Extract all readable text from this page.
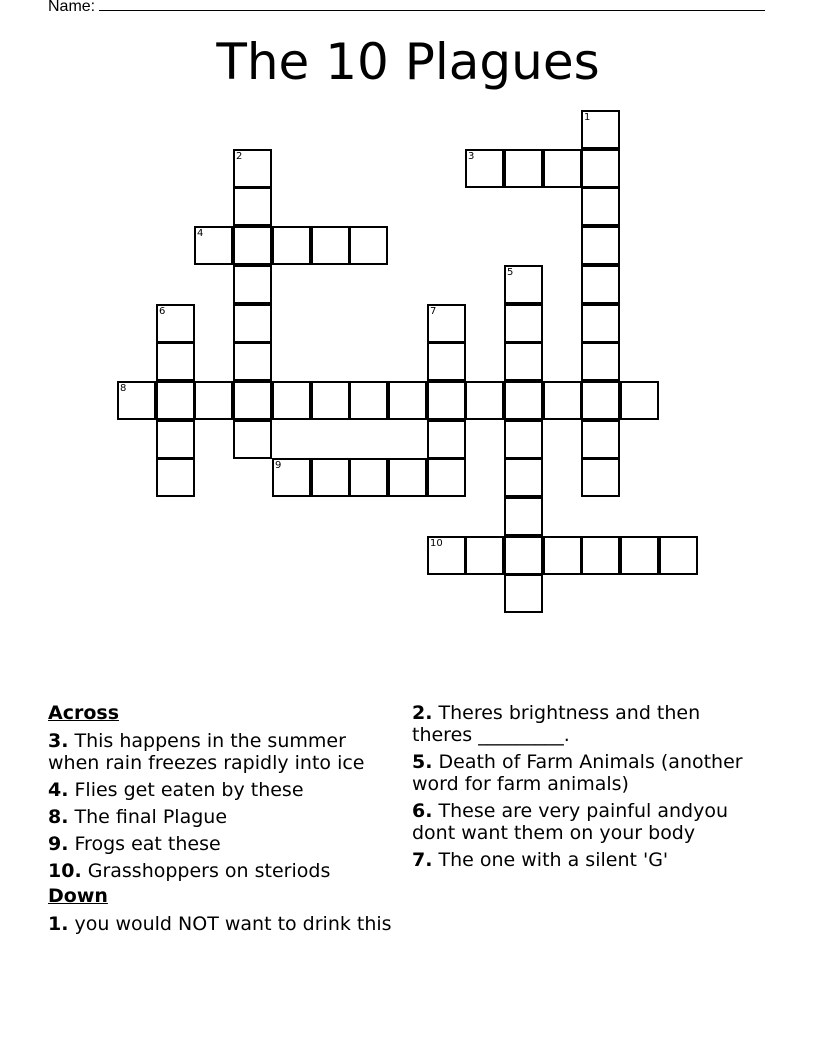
Name:
The 10 Plagues
3
4
8
9
10
1
2
5
6	7
Across
3. This happens in the summer when rain freezes rapidly into ice
4. Flies get eaten by these
8. The final Plague
9. Frogs eat these
10. Grasshoppers on steriods
Down
1. you would NOT want to drink this
2. Theres brightness and then theres _________.
5. Death of Farm Animals (another word for farm animals)
6. These are very painful andyou dont want them on your body
7. The one with a silent 'G'
